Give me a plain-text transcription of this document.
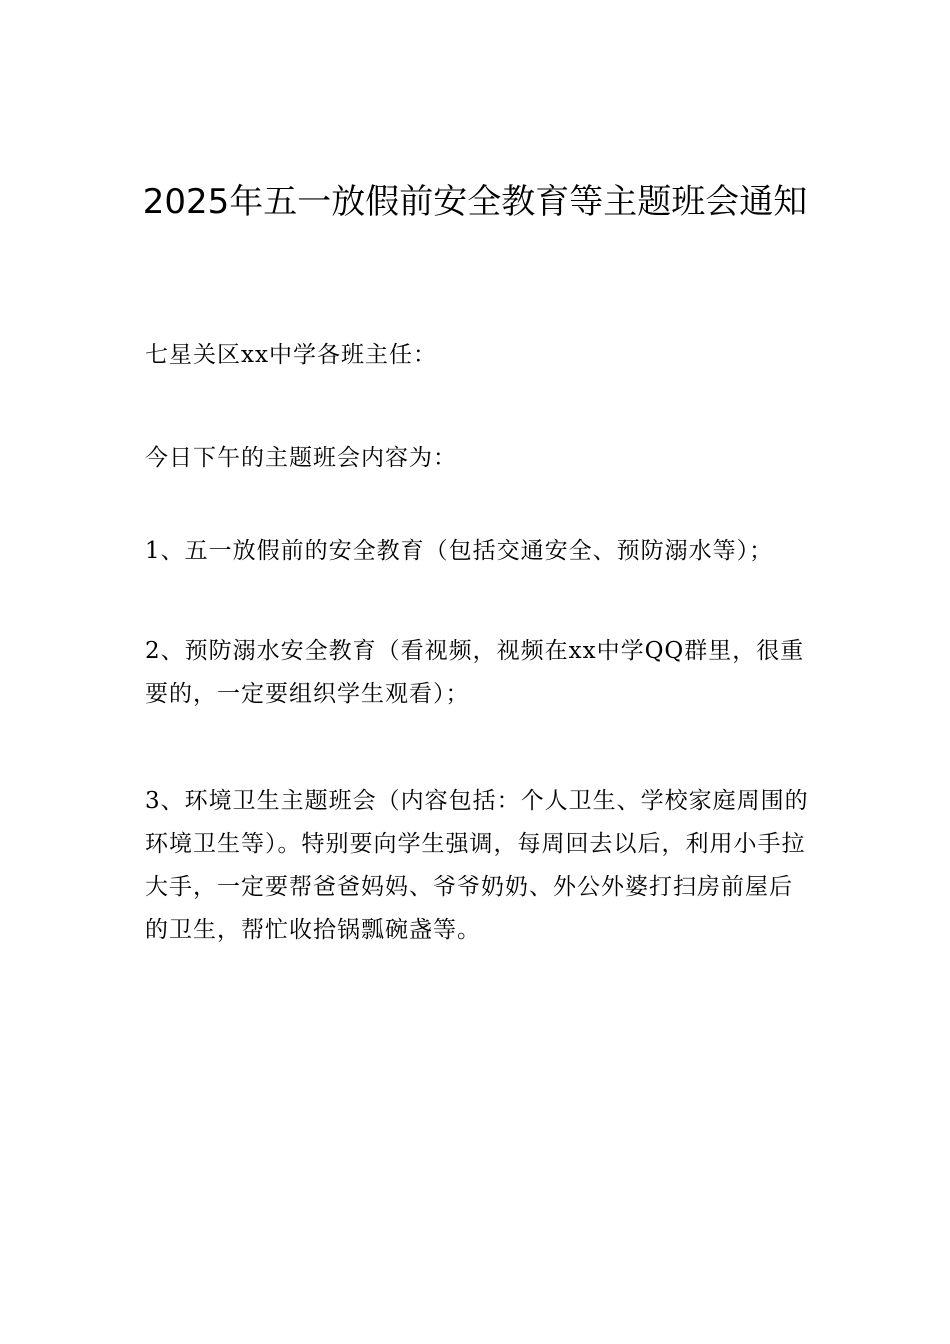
2025年五一放假前安全教育等主题班会通知

七星关区xx中学各班主任：

今日下午的主题班会内容为：

1、五一放假前的安全教育（包括交通安全、预防溺水等）；

2、预防溺水安全教育（看视频，视频在xx中学QQ群里，很重要的，一定要组织学生观看）；

3、环境卫生主题班会（内容包括：个人卫生、学校家庭周围的环境卫生等）。特别要向学生强调，每周回去以后，利用小手拉大手，一定要帮爸爸妈妈、爷爷奶奶、外公外婆打扫房前屋后的卫生，帮忙收拾锅瓢碗盏等。
